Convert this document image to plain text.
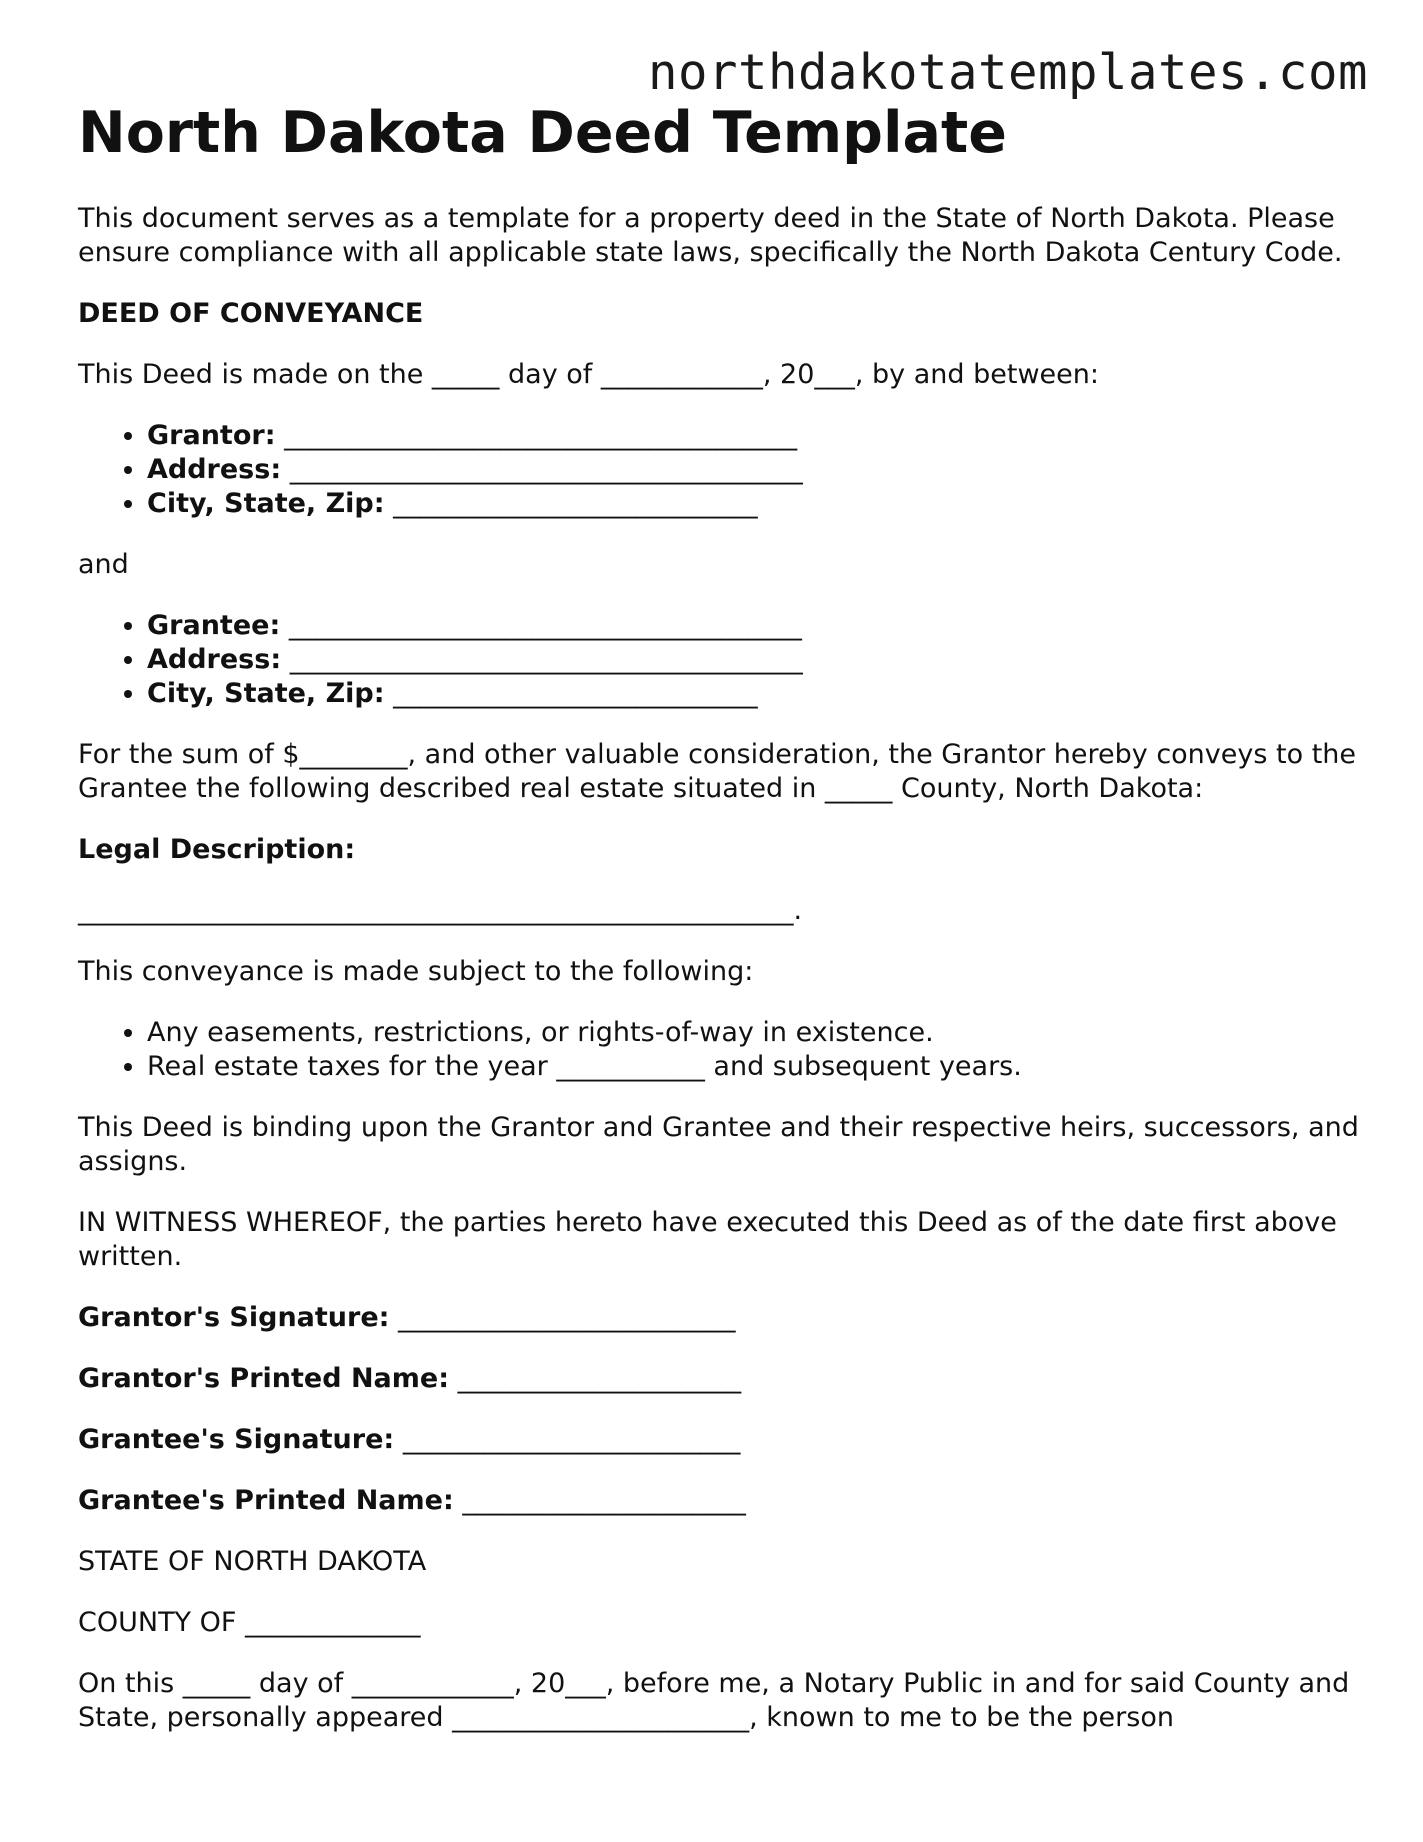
northdakotatemplates.com
North Dakota Deed Template

This document serves as a template for a property deed in the State of North Dakota. Please ensure compliance with all applicable state laws, specifically the North Dakota Century Code.

DEED OF CONVEYANCE

This Deed is made on the _____ day of ____________, 20___, by and between:

• Grantor: ______________________________________
• Address: ______________________________________
• City, State, Zip: ___________________________

and

• Grantee: ______________________________________
• Address: ______________________________________
• City, State, Zip: ___________________________

For the sum of $________, and other valuable consideration, the Grantor hereby conveys to the Grantee the following described real estate situated in _____ County, North Dakota:

Legal Description:

_____________________________________________________.

This conveyance is made subject to the following:

• Any easements, restrictions, or rights-of-way in existence.
• Real estate taxes for the year ___________ and subsequent years.

This Deed is binding upon the Grantor and Grantee and their respective heirs, successors, and assigns.

IN WITNESS WHEREOF, the parties hereto have executed this Deed as of the date first above written.

Grantor's Signature: _________________________

Grantor's Printed Name: _____________________

Grantee's Signature: _________________________

Grantee's Printed Name: _____________________

STATE OF NORTH DAKOTA

COUNTY OF _____________

On this _____ day of ____________, 20___, before me, a Notary Public in and for said County and State, personally appeared ______________________, known to me to be the person
